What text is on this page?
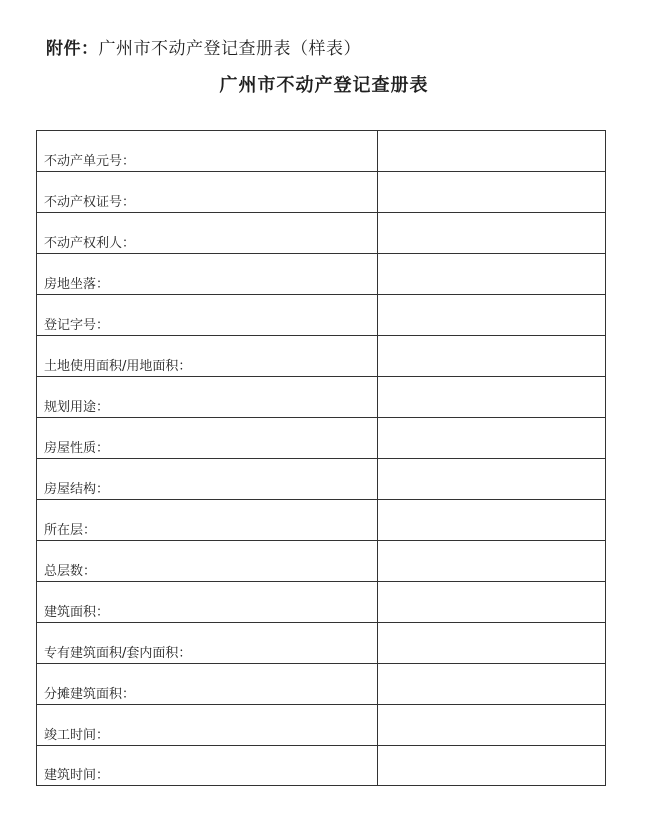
附件：广州市不动产登记查册表（样表）
广州市不动产登记查册表
不动产单元号：	
不动产权证号：	
不动产权利人：	
房地坐落：	
登记字号：	
土地使用面积/用地面积：	
规划用途：	
房屋性质：	
房屋结构：	
所在层：	
总层数：	
建筑面积：	
专有建筑面积/套内面积：	
分摊建筑面积：	
竣工时间：	
建筑时间：	
